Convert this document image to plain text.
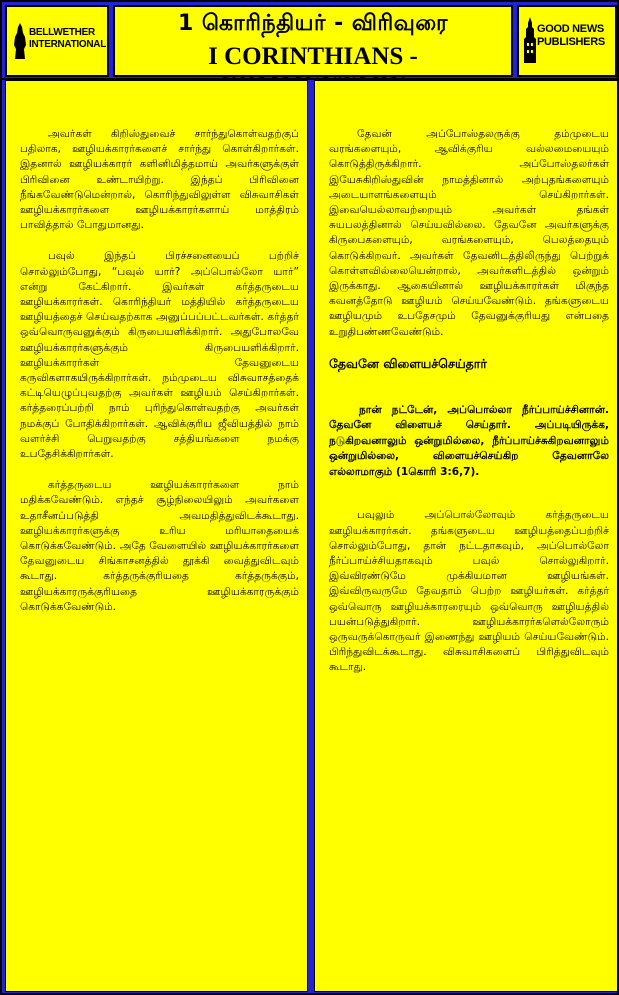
BELLWETHER
INTERNATIONAL
1 கொரிந்தியர் - விரிவுரை
I CORINTHIANS -
GOOD NEWS
PUBLISHERS

அவர்கள் கிறிஸ்துவைச் சார்ந்துகொள்வதற்குப் பதிலாக, ஊழியக்காரர்களைச் சார்ந்து கொள்கிறார்கள். இதனால் ஊழியக்காரர் களினிமித்தமாய் அவர்களுக்குள் பிரிவினை உண்டாயிற்று. இந்தப் பிரிவினை நீங்கவேண்டுமென்றால், கொரிந்துவிலுள்ள விசுவாசிகள் ஊழியக்காரர்களை ஊழியக்காரர்களாய் மாத்திரம் பாவித்தால் போதுமானது.

பவுல் இந்தப் பிரச்சனையைப் பற்றிச் சொல்லும்போது, “பவுல் யார்? அப்பொல்லோ யார்” என்று கேட்கிறார். இவர்கள் கர்த்தருடைய ஊழியக்காரர்கள். கொரிந்தியர் மத்தியில் கர்த்தருடைய ஊழியத்தைச் செய்வதற்காக அனுப்பப்பட்டவர்கள். கர்த்தர் ஒவ்வொருவனுக்கும் கிருபையளிக்கிறார். அதுபோலவே ஊழியக்காரர்களுக்கும் கிருபையளிக்கிறார். ஊழியக்காரர்கள் தேவனுடைய கருவிகளாகயிருக்கிறார்கள். நம்முடைய விசுவாசத்தைக் கட்டியெழுப்புவதற்கு அவர்கள் ஊழியம் செய்கிறார்கள். கர்த்தரைப்பற்றி நாம் புரிந்துகொள்வதற்கு அவர்கள் நமக்குப் போதிக்கிறார்கள். ஆவிக்குரிய ஜீவியத்தில் நாம் வளர்ச்சி பெறுவதற்கு சத்தியங்களை நமக்கு உபதேசிக்கிறார்கள்.

கர்த்தருடைய ஊழியக்காரர்களை நாம் மதிக்கவேண்டும். எந்தச் சூழ்நிலையிலும் அவர்களை உதாசீனப்படுத்தி அவமதித்துவிடக்கூடாது. ஊழியக்காரர்களுக்கு உரிய மரியாதையைக் கொடுக்கவேண்டும். அதே வேளையில் ஊழியக்காரர்களை தேவனுடைய சிங்காசனத்தில் தூக்கி வைத்துவிடவும் கூடாது. கர்த்தருக்குரியதை கர்த்தருக்கும், ஊழியக்காரருக்குரியதை ஊழியக்காரருக்கும் கொடுக்கவேண்டும்.

தேவன் அப்போஸ்தலருக்கு தம்முடைய வரங்களையும், ஆவிக்குரிய வல்லமையையும் கொடுத்திருக்கிறார். அப்போஸ்தலர்கள் இயேசுகிறிஸ்துவின் நாமத்தினால் அற்புதங்களையும் அடையாளங்களையும் செய்கிறார்கள். இவையெல்லாவற்றையும் அவர்கள் தங்கள் சுயபலத்தினால் செய்யவில்லை. தேவனே அவர்களுக்கு கிருபைகளையும், வரங்களையும், பெலத்தையும் கொடுக்கிறவர். அவர்கள் தேவனிடத்திலிருந்து பெற்றுக் கொள்ளவில்லையென்றால், அவர்களிடத்தில் ஒன்றும் இருக்காது. ஆகையினால் ஊழியக்காரர்கள் மிகுந்த கவனத்தோடு ஊழியம் செய்யவேண்டும். தங்களுடைய ஊழியமும் உபதேசமும் தேவனுக்குரியது என்பதை உறுதிபண்ணவேண்டும்.

தேவனே விளையச்செய்தார்

நான் நட்டேன், அப்பொல்லா நீர்ப்பாய்ச்சினான். தேவனே விளையச் செய்தார். அப்படியிருக்க, நடுகிறவனாலும் ஒன்றுமில்லை, நீர்ப்பாய்ச்சுகிறவனாலும் ஒன்றுமில்லை, விளையச்செய்கிற தேவனாலே எல்லாமாகும் (1கொரி 3:6,7).

பவுலும் அப்பொல்லோவும் கர்த்தருடைய ஊழியக்காரர்கள். தங்களுடைய ஊழியத்தைப்பற்றிச் சொல்லும்போது, தான் நட்டதாகவும், அப்பொல்லோ நீர்ப்பாய்ச்சியதாகவும் பவுல் சொல்லுகிறார். இவ்விரண்டுமே முக்கியமான ஊழியங்கள். இவ்விருவருமே தேவதாம் பெற்ற ஊழியர்கள். கர்த்தர் ஒவ்வொரு ஊழியக்காரரையும் ஒவ்வொரு ஊழியத்தில் பயன்படுத்துகிறார். ஊழியக்காரர்களெல்லோரும் ஒருவருக்கொருவர் இணைந்து ஊழியம் செய்யவேண்டும். பிரிந்துவிடக்கூடாது. விசுவாசிகளைப் பிரித்துவிடவும் கூடாது.
